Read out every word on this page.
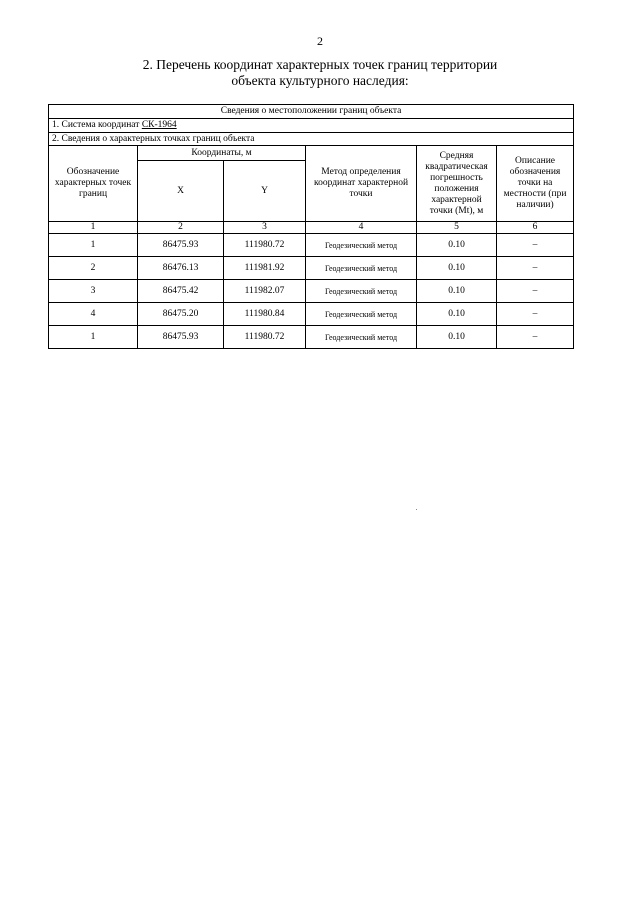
2
2. Перечень координат характерных точек границ территории
объекта культурного наследия:
Сведения о местоположении границ объекта					
1. Система координат СК-1964					
2. Сведения о характерных точках границ объекта					
Обозначение характерных точек границ	Координаты, м		Метод определения координат характерной точки	Средняя квадратическая погрешность положения характерной точки (Mt), м	Описание обозначения точки на местности (при наличии)
	X	Y			
1	2	3	4	5	6
1	86475.93	111980.72	Геодезический метод	0.10	–
2	86476.13	111981.92	Геодезический метод	0.10	–
3	86475.42	111982.07	Геодезический метод	0.10	–
4	86475.20	111980.84	Геодезический метод	0.10	–
1	86475.93	111980.72	Геодезический метод	0.10	–
